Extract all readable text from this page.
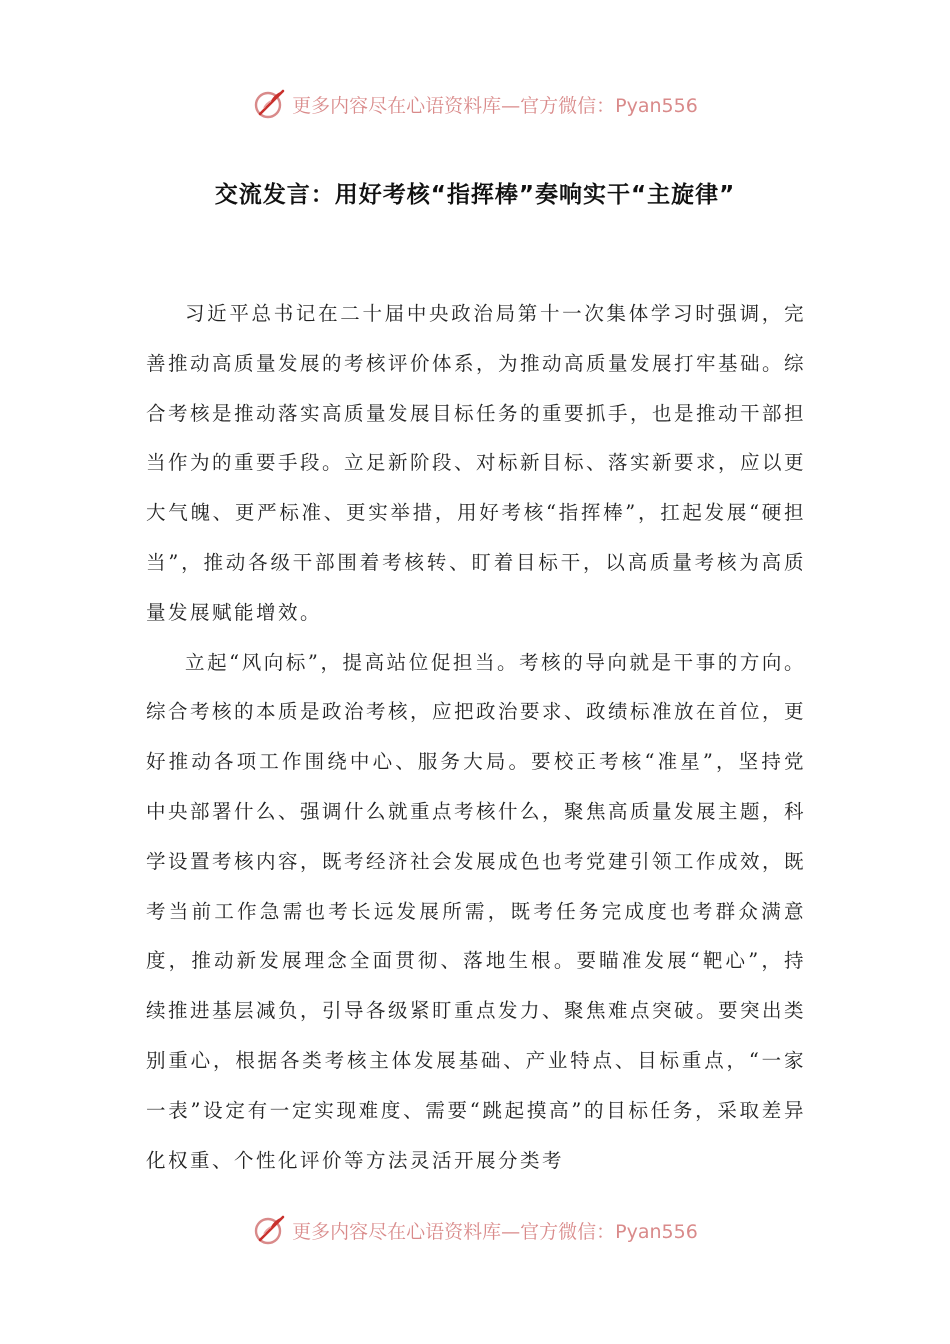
更多内容尽在心语资料库—官方微信：Pyan556
交流发言：用好考核“指挥棒”奏响实干“主旋律”

习近平总书记在二十届中央政治局第十一次集体学习时强调，完善推动高质量发展的考核评价体系，为推动高质量发展打牢基础。综合考核是推动落实高质量发展目标任务的重要抓手，也是推动干部担当作为的重要手段。立足新阶段、对标新目标、落实新要求，应以更大气魄、更严标准、更实举措，用好考核“指挥棒”，扛起发展“硬担当”，推动各级干部围着考核转、盯着目标干，以高质量考核为高质量发展赋能增效。

立起“风向标”，提高站位促担当。考核的导向就是干事的方向。综合考核的本质是政治考核，应把政治要求、政绩标准放在首位，更好推动各项工作围绕中心、服务大局。要校正考核“准星”，坚持党中央部署什么、强调什么就重点考核什么，聚焦高质量发展主题，科学设置考核内容，既考经济社会发展成色也考党建引领工作成效，既考当前工作急需也考长远发展所需，既考任务完成度也考群众满意度，推动新发展理念全面贯彻、落地生根。要瞄准发展“靶心”，持续推进基层减负，引导各级紧盯重点发力、聚焦难点突破。要突出类别重心，根据各类考核主体发展基础、产业特点、目标重点，“一家一表”设定有一定实现难度、需要“跳起摸高”的目标任务，采取差异化权重、个性化评价等方法灵活开展分类考

更多内容尽在心语资料库—官方微信：Pyan556
